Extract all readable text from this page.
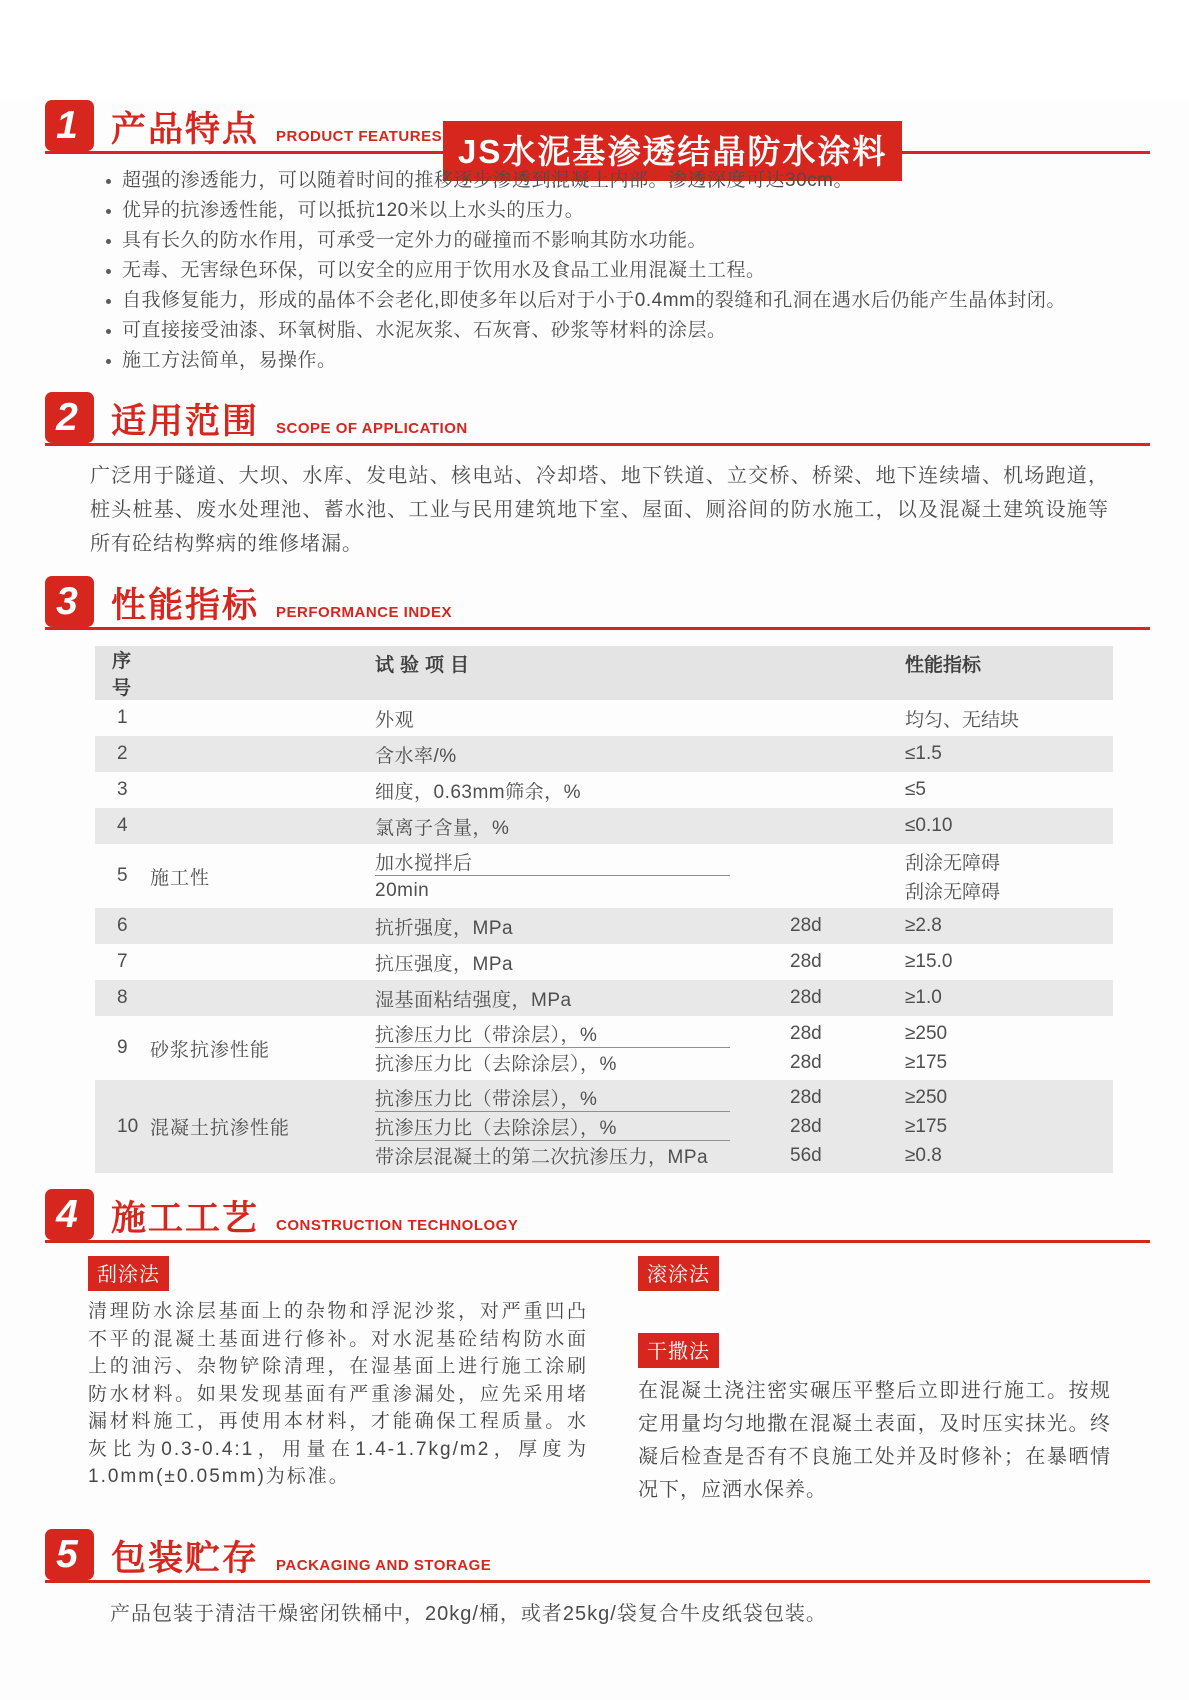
JS水泥基渗透结晶防水涂料
1 产品特点 PRODUCT FEATURES
超强的渗透能力，可以随着时间的推移逐步渗透到混凝土内部。渗透深度可达30cm。
优异的抗渗透性能，可以抵抗120米以上水头的压力。
具有长久的防水作用，可承受一定外力的碰撞而不影响其防水功能。
无毒、无害绿色环保，可以安全的应用于饮用水及食品工业用混凝土工程。
自我修复能力，形成的晶体不会老化,即使多年以后对于小于0.4mm的裂缝和孔洞在遇水后仍能产生晶体封闭。
可直接接受油漆、环氧树脂、水泥灰浆、石灰膏、砂浆等材料的涂层。
施工方法简单，易操作。
2 适用范围 SCOPE OF APPLICATION

广泛用于隧道、大坝、水库、发电站、核电站、冷却塔、地下铁道、立交桥、桥梁、地下连续墙、机场跑道，桩头桩基、废水处理池、蓄水池、工业与民用建筑地下室、屋面、厕浴间的防水施工，以及混凝土建筑设施等所有砼结构弊病的维修堵漏。

3 性能指标 PERFORMANCE INDEX
序号
试验项目	性能指标
1	外观	均匀、无结块
2	含水率/%	≤1.5
3	细度，0.63mm筛余，%	≤5
4	氯离子含量，%	≤0.10
5	施工性
加水搅拌后	刮涂无障碍
20min	刮涂无障碍
6	抗折强度，MPa	28d	≥2.8
7	抗压强度，MPa	28d	≥15.0
8	湿基面粘结强度，MPa	28d	≥1.0
9	砂浆抗渗性能
抗渗压力比（带涂层），%	28d	≥250
抗渗压力比（去除涂层），%	28d	≥175
10 混凝土抗渗性能
抗渗压力比（带涂层），%	28d	≥250
抗渗压力比（去除涂层），%	28d	≥175
带涂层混凝土的第二次抗渗压力，MPa	56d	≥0.8
4 施工工艺 CONSTRUCTION TECHNOLOGY
刮涂法

清理防水涂层基面上的杂物和浮泥沙浆，对严重凹凸不平的混凝土基面进行修补。对水泥基砼结构防水面上的油污、杂物铲除清理，在湿基面上进行施工涂刷防水材料。如果发现基面有严重渗漏处，应先采用堵漏材料施工，再使用本材料，才能确保工程质量。水灰比为0.3-0.4:1，用量在1.4-1.7kg/m2，厚度为1.0mm(±0.05mm)为标准。

滚涂法
干撒法

在混凝土浇注密实碾压平整后立即进行施工。按规定用量均匀地撒在混凝土表面，及时压实抹光。终凝后检查是否有不良施工处并及时修补；在暴晒情况下，应洒水保养。

5 包装贮存 PACKAGING AND STORAGE

产品包装于清洁干燥密闭铁桶中，20kg/桶，或者25kg/袋复合牛皮纸袋包装。
